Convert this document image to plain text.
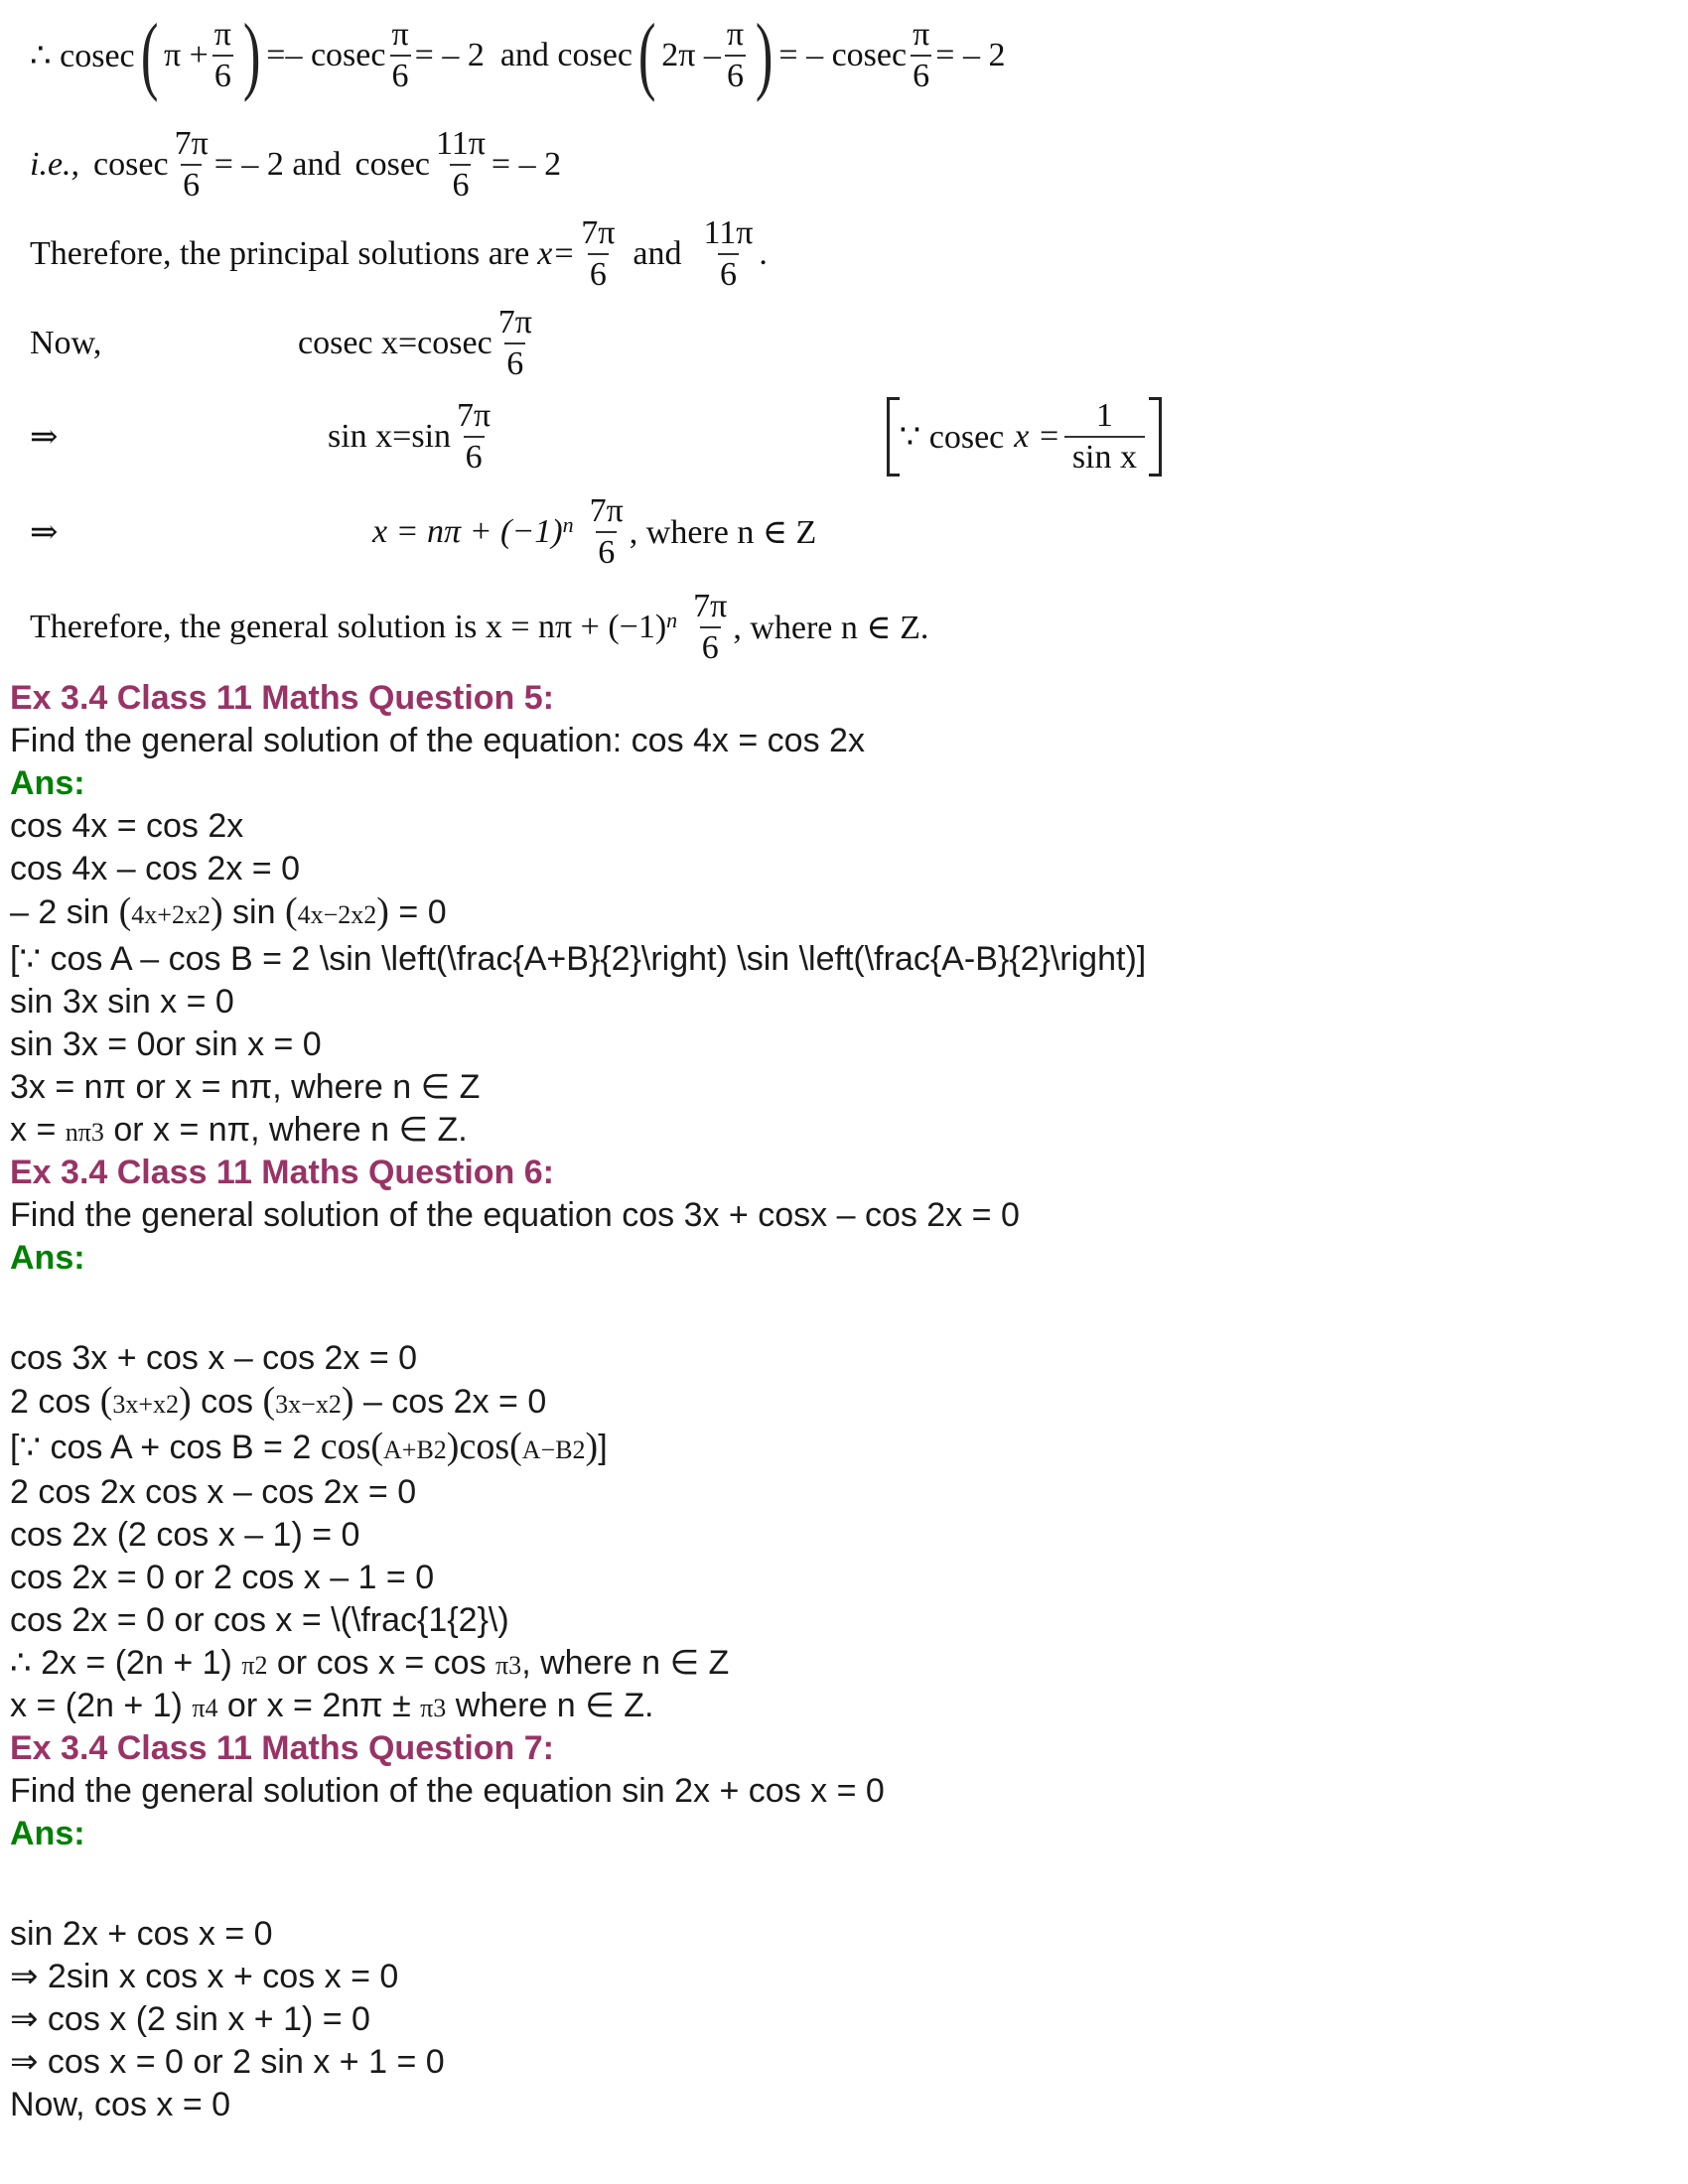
∴ cosec ( $\pi + \frac{\pi}{6}$ ) =– cosec $\frac{\pi}{6}$ = – 2 and cosec ( $2\pi - \frac{\pi}{6}$ ) = – cosec $\frac{\pi}{6}$ = – 2
i.e., cosec $\frac{7\pi}{6}$ = – 2 and cosec $\frac{11\pi}{6}$ = – 2
Therefore, the principal solutions are $x= \frac{7\pi}{6}$ and $\frac{11\pi}{6}$ .
Now,	cosec $x=cosec \frac{7\pi}{6}$
⇒	$\sin x=\sin \frac{7\pi}{6}$	∵ cosec $x = \frac{1}{\text{sin x}}$
⇒	$x = n\pi + (-1)^n \frac{7\pi}{6}$ , where n ∈ Z
Therefore, the general solution is $x = n\pi + (-1)^n \frac{7\pi}{6}$ , where n ∈ Z.
Ex 3.4 Class 11 Maths Question 5:
Find the general solution of the equation: cos 4x = cos 2x
Ans:
cos 4x = cos 2x
cos 4x – cos 2x = 0
– 2 sin (4x+2x2) sin (4x−2x2) = 0
[∵ cos A – cos B = 2 \sin \left(\frac{A+B}{2}\right) \sin \left(\frac{A-B}{2}\right)]
sin 3x sin x = 0
sin 3x = 0or sin x = 0
3x = nπ or x = nπ, where n ∈ Z
x = nπ3 or x = nπ, where n ∈ Z.
Ex 3.4 Class 11 Maths Question 6:
Find the general solution of the equation cos 3x + cosx – cos 2x = 0
Ans:
cos 3x + cos x – cos 2x = 0
2 cos (3x+x2) cos (3x−x2) – cos 2x = 0
[∵ cos A + cos B = 2 cos(A+B2)cos(A−B2)]
2 cos 2x cos x – cos 2x = 0
cos 2x (2 cos x – 1) = 0
cos 2x = 0 or 2 cos x – 1 = 0
cos 2x = 0 or cos x = \(\frac{1{2}\)
∴ 2x = (2n + 1) π2 or cos x = cos π3, where n ∈ Z
x = (2n + 1) π4 or x = 2nπ ± π3 where n ∈ Z.
Ex 3.4 Class 11 Maths Question 7:
Find the general solution of the equation sin 2x + cos x = 0
Ans:
sin 2x + cos x = 0
⇒ 2sin x cos x + cos x = 0
⇒ cos x (2 sin x + 1) = 0
⇒ cos x = 0 or 2 sin x + 1 = 0
Now, cos x = 0
